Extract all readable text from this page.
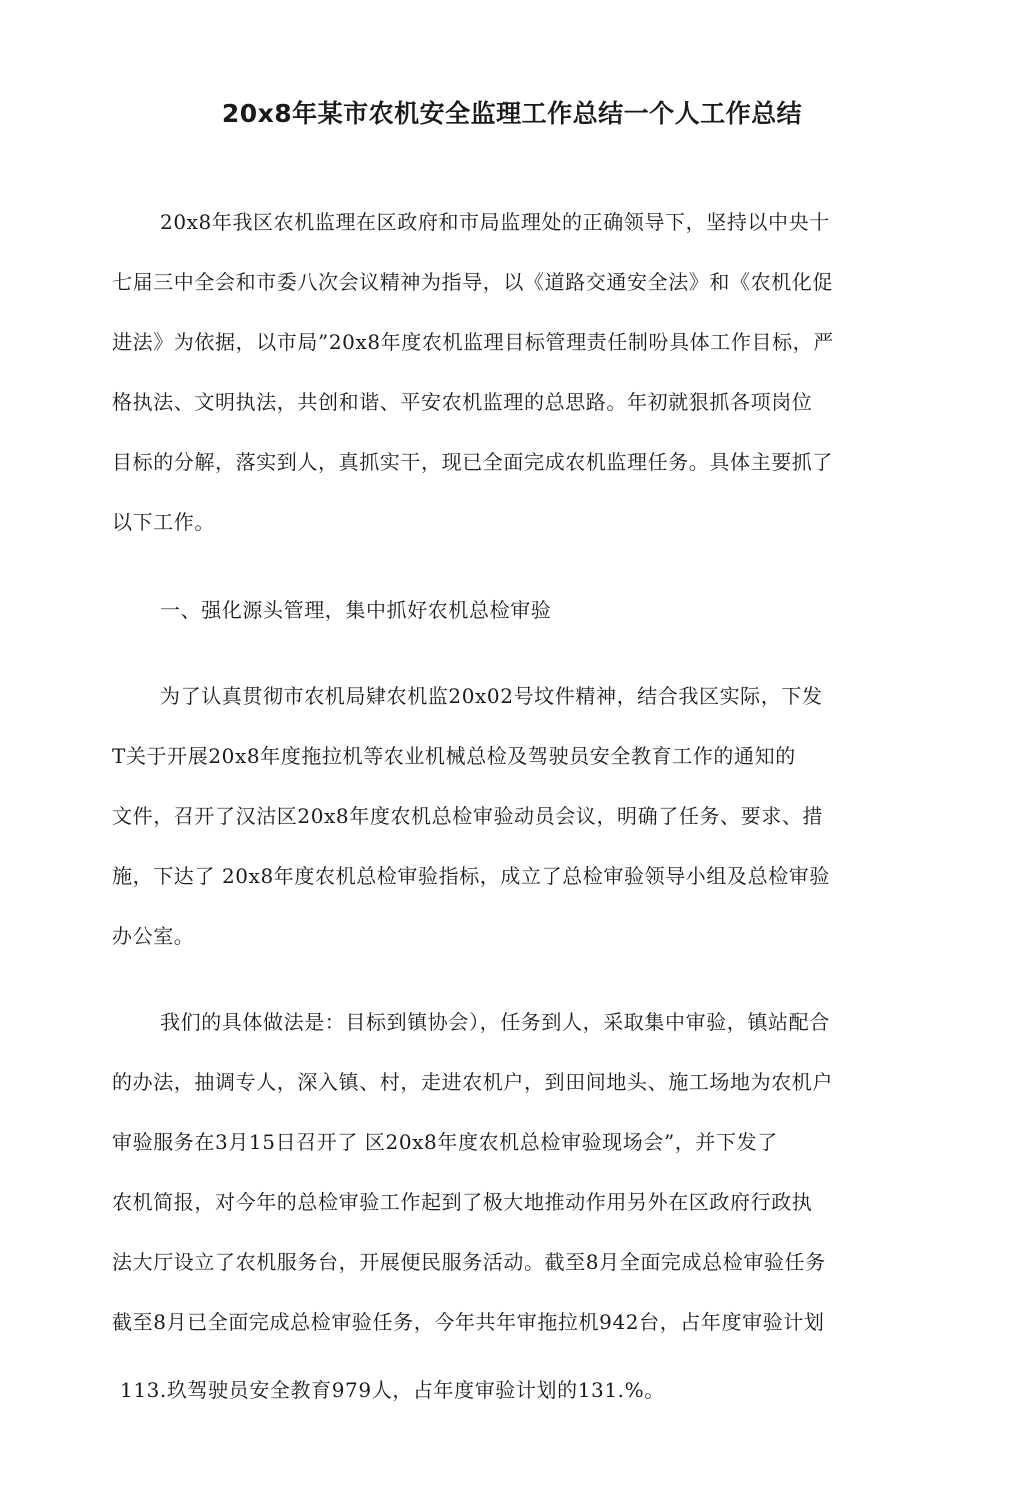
20x8年某市农机安全监理工作总结一个人工作总结
20x8年我区农机监理在区政府和市局监理处的正确领导下，坚持以中央十
七届三中全会和市委八次会议精神为指导，以《道路交通安全法》和《农机化促
进法》为依据，以市局”20x8年度农机监理目标管理责任制吩具体工作目标，严
格执法、文明执法，共创和谐、平安农机监理的总思路。年初就狠抓各项岗位
目标的分解，落实到人，真抓实干，现已全面完成农机监理任务。具体主要抓了
以下工作。
一、强化源头管理，集中抓好农机总检审验
为了认真贯彻市农机局肄农机监20x02号坟件精神，结合我区实际，下发
T关于开展20x8年度拖拉机等农业机械总检及驾驶员安全教育工作的通知的
文件，召开了汉沽区20x8年度农机总检审验动员会议，明确了任务、要求、措
施，下达了 20x8年度农机总检审验指标，成立了总检审验领导小组及总检审验
办公室。
我们的具体做法是：目标到镇协会），任务到人，采取集中审验，镇站配合
的办法，抽调专人，深入镇、村，走进农机户，到田间地头、施工场地为农机户
审验服务在3月15日召开了 区20x8年度农机总检审验现场会”，并下发了
农机简报，对今年的总检审验工作起到了极大地推动作用另外在区政府行政执
法大厅设立了农机服务台，开展便民服务活动。截至8月全面完成总检审验任务
截至8月已全面完成总检审验任务，今年共年审拖拉机942台，占年度审验计划
113.玖驾驶员安全教育979人，占年度审验计划的131.%。
